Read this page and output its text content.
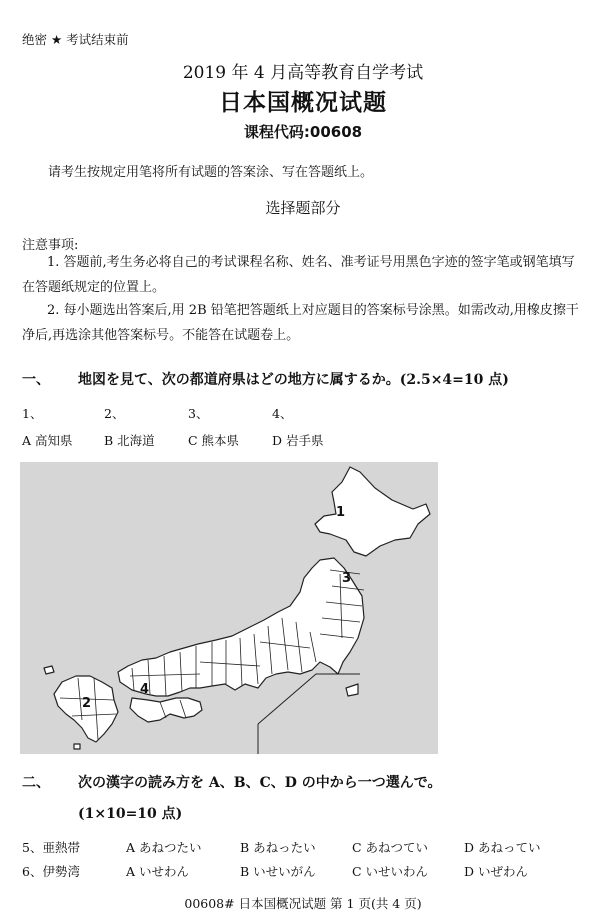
绝密 ★ 考试结束前
2019 年 4 月高等教育自学考试
日本国概况试题
课程代码:00608
请考生按规定用笔将所有试题的答案涂、写在答题纸上。
选择题部分
注意事项:
1. 答题前,考生务必将自己的考试课程名称、姓名、准考证号用黑色字迹的签字笔或钢笔填写在答题纸规定的位置上。
2. 每小题选出答案后,用 2B 铅笔把答题纸上对应题目的答案标号涂黑。如需改动,用橡皮擦干净后,再选涂其他答案标号。不能答在试题卷上。
一、 地図を見て、次の都道府県はどの地方に属するか。(2.5×4=10 点)
1、	2、	3、	4、
A 高知県	B 北海道	C 熊本県	D 岩手県
1
3
4
2
二、 次の漢字の読み方を A、B、C、D の中から一つ選んで。
(1×10=10 点)
5、亜熱帯	A あねつたい	B あねったい	C あねつてい	D あねってい
6、伊勢湾	A いせわん	B いせいがん	C いせいわん	D いぜわん
00608# 日本国概况试题 第 1 页(共 4 页)
